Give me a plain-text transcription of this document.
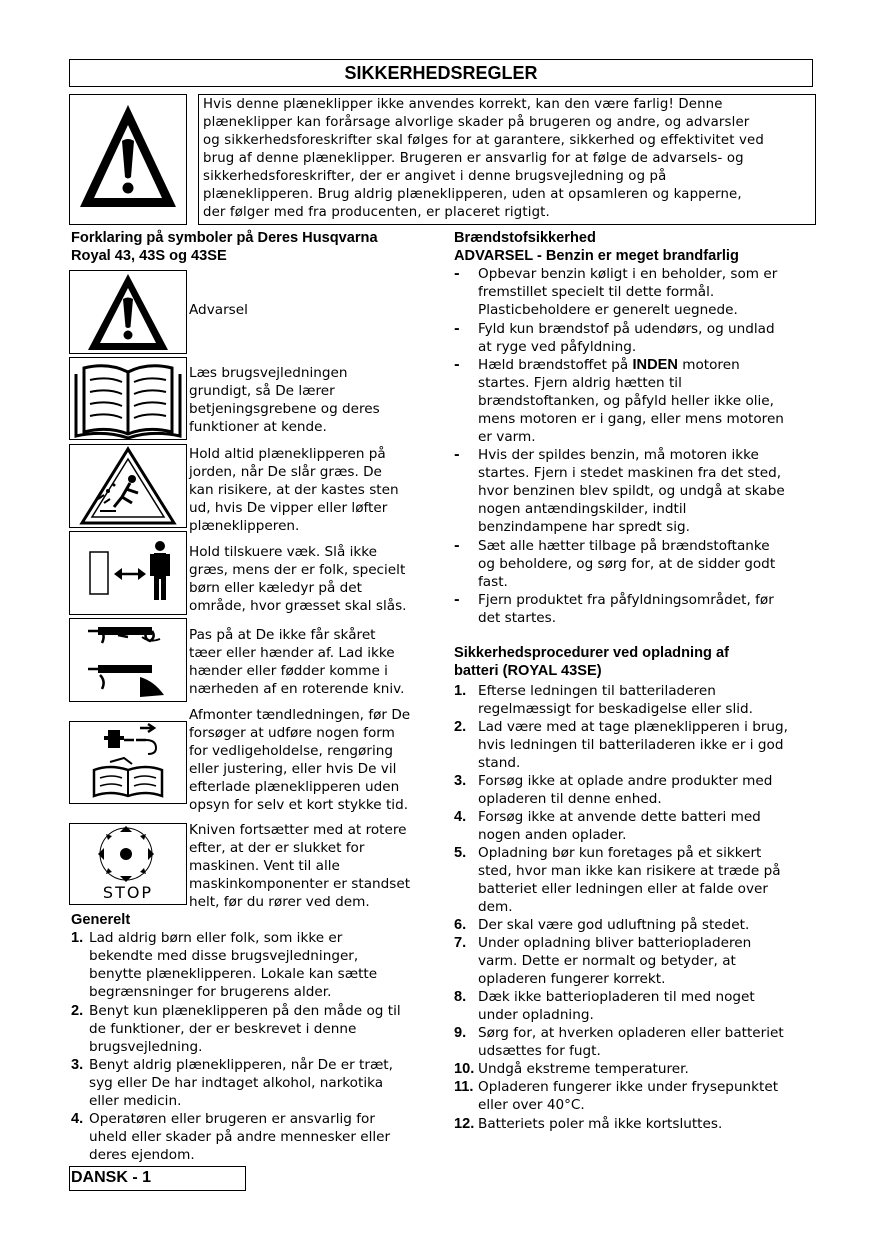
SIKKERHEDSREGLER
Hvis denne plæneklipper ikke anvendes korrekt, kan den være farlig! Denne
plæneklipper kan forårsage alvorlige skader på brugeren og andre, og advarsler
og sikkerhedsforeskrifter skal følges for at garantere, sikkerhed og effektivitet ved
brug af denne plæneklipper. Brugeren er ansvarlig for at følge de advarsels- og
sikkerhedsforeskrifter, der er angivet i denne brugsvejledning og på
plæneklipperen. Brug aldrig plæneklipperen, uden at opsamleren og kapperne,
der følger med fra producenten, er placeret rigtigt.
Forklaring på symboler på Deres Husqvarna
Royal 43, 43S og 43SE
Advarsel
Læs brugsvejledningen
grundigt, så De lærer
betjeningsgrebene og deres
funktioner at kende.
Hold altid plæneklipperen på
jorden, når De slår græs. De
kan risikere, at der kastes sten
ud, hvis De vipper eller løfter
plæneklipperen.
Hold tilskuere væk. Slå ikke
græs, mens der er folk, specielt
børn eller kæledyr på det
område, hvor græsset skal slås.
Pas på at De ikke får skåret
tæer eller hænder af. Lad ikke
hænder eller fødder komme i
nærheden af en roterende kniv.
Afmonter tændledningen, før De
forsøger at udføre nogen form
for vedligeholdelse, rengøring
eller justering, eller hvis De vil
efterlade plæneklipperen uden
opsyn for selv et kort stykke tid.
STOP
Kniven fortsætter med at rotere
efter, at der er slukket for
maskinen. Vent til alle
maskinkomponenter er standset
helt, før du rører ved dem.
Generelt
1. Lad aldrig børn eller folk, som ikke er
bekendte med disse brugsvejledninger,
benytte plæneklipperen. Lokale kan sætte
begrænsninger for brugerens alder.
2. Benyt kun plæneklipperen på den måde og til
de funktioner, der er beskrevet i denne
brugsvejledning.
3. Benyt aldrig plæneklipperen, når De er træt,
syg eller De har indtaget alkohol, narkotika
eller medicin.
4. Operatøren eller brugeren er ansvarlig for
uheld eller skader på andre mennesker eller
deres ejendom.
DANSK - 1
Brændstofsikkerhed
ADVARSEL - Benzin er meget brandfarlig
- Opbevar benzin køligt i en beholder, som er
fremstillet specielt til dette formål.
Plasticbeholdere er generelt uegnede.
- Fyld kun brændstof på udendørs, og undlad
at ryge ved påfyldning.
- Hæld brændstoffet på INDEN motoren
startes. Fjern aldrig hætten til
brændstoftanken, og påfyld heller ikke olie,
mens motoren er i gang, eller mens motoren
er varm.
- Hvis der spildes benzin, må motoren ikke
startes. Fjern i stedet maskinen fra det sted,
hvor benzinen blev spildt, og undgå at skabe
nogen antændingskilder, indtil
benzindampene har spredt sig.
- Sæt alle hætter tilbage på brændstoftanke
og beholdere, og sørg for, at de sidder godt
fast.
- Fjern produktet fra påfyldningsområdet, før
det startes.
Sikkerhedsprocedurer ved opladning af
batteri (ROYAL 43SE)
1. Efterse ledningen til batteriladeren
regelmæssigt for beskadigelse eller slid.
2. Lad være med at tage plæneklipperen i brug,
hvis ledningen til batteriladeren ikke er i god
stand.
3. Forsøg ikke at oplade andre produkter med
opladeren til denne enhed.
4. Forsøg ikke at anvende dette batteri med
nogen anden oplader.
5. Opladning bør kun foretages på et sikkert
sted, hvor man ikke kan risikere at træde på
batteriet eller ledningen eller at falde over
dem.
6. Der skal være god udluftning på stedet.
7. Under opladning bliver batteriopladeren
varm. Dette er normalt og betyder, at
opladeren fungerer korrekt.
8. Dæk ikke batteriopladeren til med noget
under opladning.
9. Sørg for, at hverken opladeren eller batteriet
udsættes for fugt.
10. Undgå ekstreme temperaturer.
11. Opladeren fungerer ikke under frysepunktet
eller over 40°C.
12. Batteriets poler må ikke kortsluttes.
